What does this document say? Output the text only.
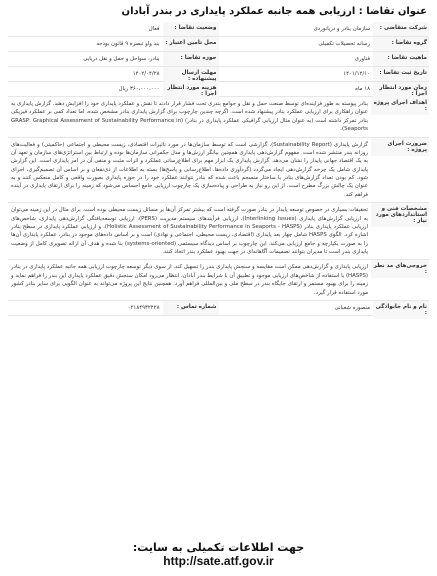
عنوان تقاضا : ارزیابی همه جانبه عملکرد پایداری در بندر آبادان
شرکت متقاضی :
سازمان بنادر و دریانوردی
وضعیت تقاضا :
فعال
گروه تقاضا :
رسانه تحصیلات تکمیلی
محل تامین اعتبار :
بند واو تبصره ۹ قانون بودجه
ماهیت تقاضا :
فناوری
حوزه تقاضا :
بنادر، سواحل و حمل و نقل دریایی
تاریخ ثبت تقاضا :
۱۴۰۱/۱۲/۱۰
مهلت ارسال پیشنهاده :
۱۴۰۲/۰۴/۲۸
زمان مورد انتظار اجرا :
۱۸ ماه
هزینه مورد انتظار اجرا :
۳۶۰،۰۰۰،۰۰۰ ریال
اهداف اجرای پروژه :
بنادر پیوسته به طور فزاینده‌ای توسط صنعت حمل و نقل و جوامع بندری تحت فشار قرار دادند تا نقش و عملکرد پایداری خود را افزایش دهند. گزارش پایداری به عنوان راهکاری برای ارزیابی عملکرد بنادر پیشنهاد شده است. اگرچه چندین چارچوب برای گزارش پایداری بنادر مشخص شده، اما تعداد کمی بر عملکرد فیزیکی بنادر تمرکز داشته است (به عنوان مثال ارزیابی گرافیکی عملکرد پایداری در بنادر) (GRASP: Graphical Assessment of Sustainability Performance in Seaports).
ضرورت اجرای پروژه :
گزارش پایداری (Sustainability Report)، گزارشی است که توسط سازمان‌ها در مورد تاثیرات اقتصادی، زیست محیطی و اجتماعی (حاکمیتی) و فعالیت‌های روزانه بندر منتشر شده است. مفهوم گزارش‌دهی پایداری همچنین بیانگر ارزش‌ها و مدل حکمرانی سازمان‌ها بوده و ارتباط بین استراتژی‌های سازمان و تعهد آن به یک اقتصاد جهانی پایدار را نشان می‌دهد. گزارش پایداری یک ابزار مهم برای اطلاع‌رسانی عملکرد و اثرات مثبت و منفی آن در امر پایداری است. این گزارش پایداری شامل یک چرخه گزارش‌دهی ایجاد می‌گردد (گردآوری داده‌ها، اطلاع‌رسانی و پاسخ‌ها) بسته به اطلاعات از ذی‌نفعان و بر اساس آن تصمیم‌گیری، اجرای شود. کم بودن تعداد گزارش‌های بنادر با ساختار منسجم باعث شده که بنادر نتوانند عملکرد خود را در حوزه پایداری بصورت واقعی و کامل منعکس کنند و به عنوان یک چالش بزرگ مطرح است. از این رو نیاز به طراحی و پیاده‌سازی یک چارچوب ارزیابی جامع احساس می‌شود که زمینه را برای ارتقای پایداری در آینده فراهم کند.
مشخصات فنی و استانداردهای مورد نیاز :
تحقیقات بسیاری در خصوص توسعه پایدار در بنادر صورت گرفته است که بیشتر تمرکز آن‌ها بر مسائل زیست محیطی بوده است. برای مثال در این زمینه می‌توان به ارزیابی گزارش‌های پایداری (Interlinking Issues)، ارزیابی فرآیندهای سیستم مدیریت (PERS)، ارزیابی توسعه‌یافتگی گزارش‌دهی پایداری، شاخص‌های ارزیابی عملکرد پایداری بنادر (Holistic Assessment of Sustainability Performance in Seaports - HASPS)، و ارزیابی عملکرد پایداری در سطح بنادر اشاره کرد. الگوی HASPS شامل چهار بعد پایداری (اقتصادی، زیست محیطی، اجتماعی و نهادی) است و بر اساس داده‌های موجود در بنادر، عملکرد پایداری آن‌ها را به صورت یکپارچه و جامع ارزیابی می‌کند. این چارچوب بر اساس دیدگاه سیستمی (systems-oriented) بنا شده و هدف آن ارائه تصویری کامل از وضعیت پایداری بندر است تا مدیران بتوانند تصمیمات آگاهانه‌ای در جهت بهبود عملکرد بندر اتخاذ کنند.
خروجی‌های مد نظر :
ارزیابی پایداری و گزارش‌دهی ممکن است مقایسه و سنجش پایداری بندر را تسهیل کند. از سوی دیگر توسعه چارچوب ارزیابی همه جانبه عملکرد پایداری در بنادر (HASPS) با استفاده از شاخص‌های ارزیابی موجود و تطبیق آن با شرایط بندر آبادان، انتظار می‌رود امکان سنجش دقیق عملکرد پایداری این بندر را فراهم نماید و زمینه را برای بهبود مستمر و ارتقای جایگاه بندر در سطح ملی و بین‌المللی فراهم آورد. همچنین نتایج این پروژه می‌تواند به عنوان الگویی برای سایر بنادر کشور مورد استفاده قرار گیرد.
نام و نام خانوادگی :
منصوره شعبانی
شماره تماس :
۰۲۱۸۴۹۳۲۴۲۸
جهت اطلاعات تکمیلی به سایت:
http://sate.atf.gov.ir
